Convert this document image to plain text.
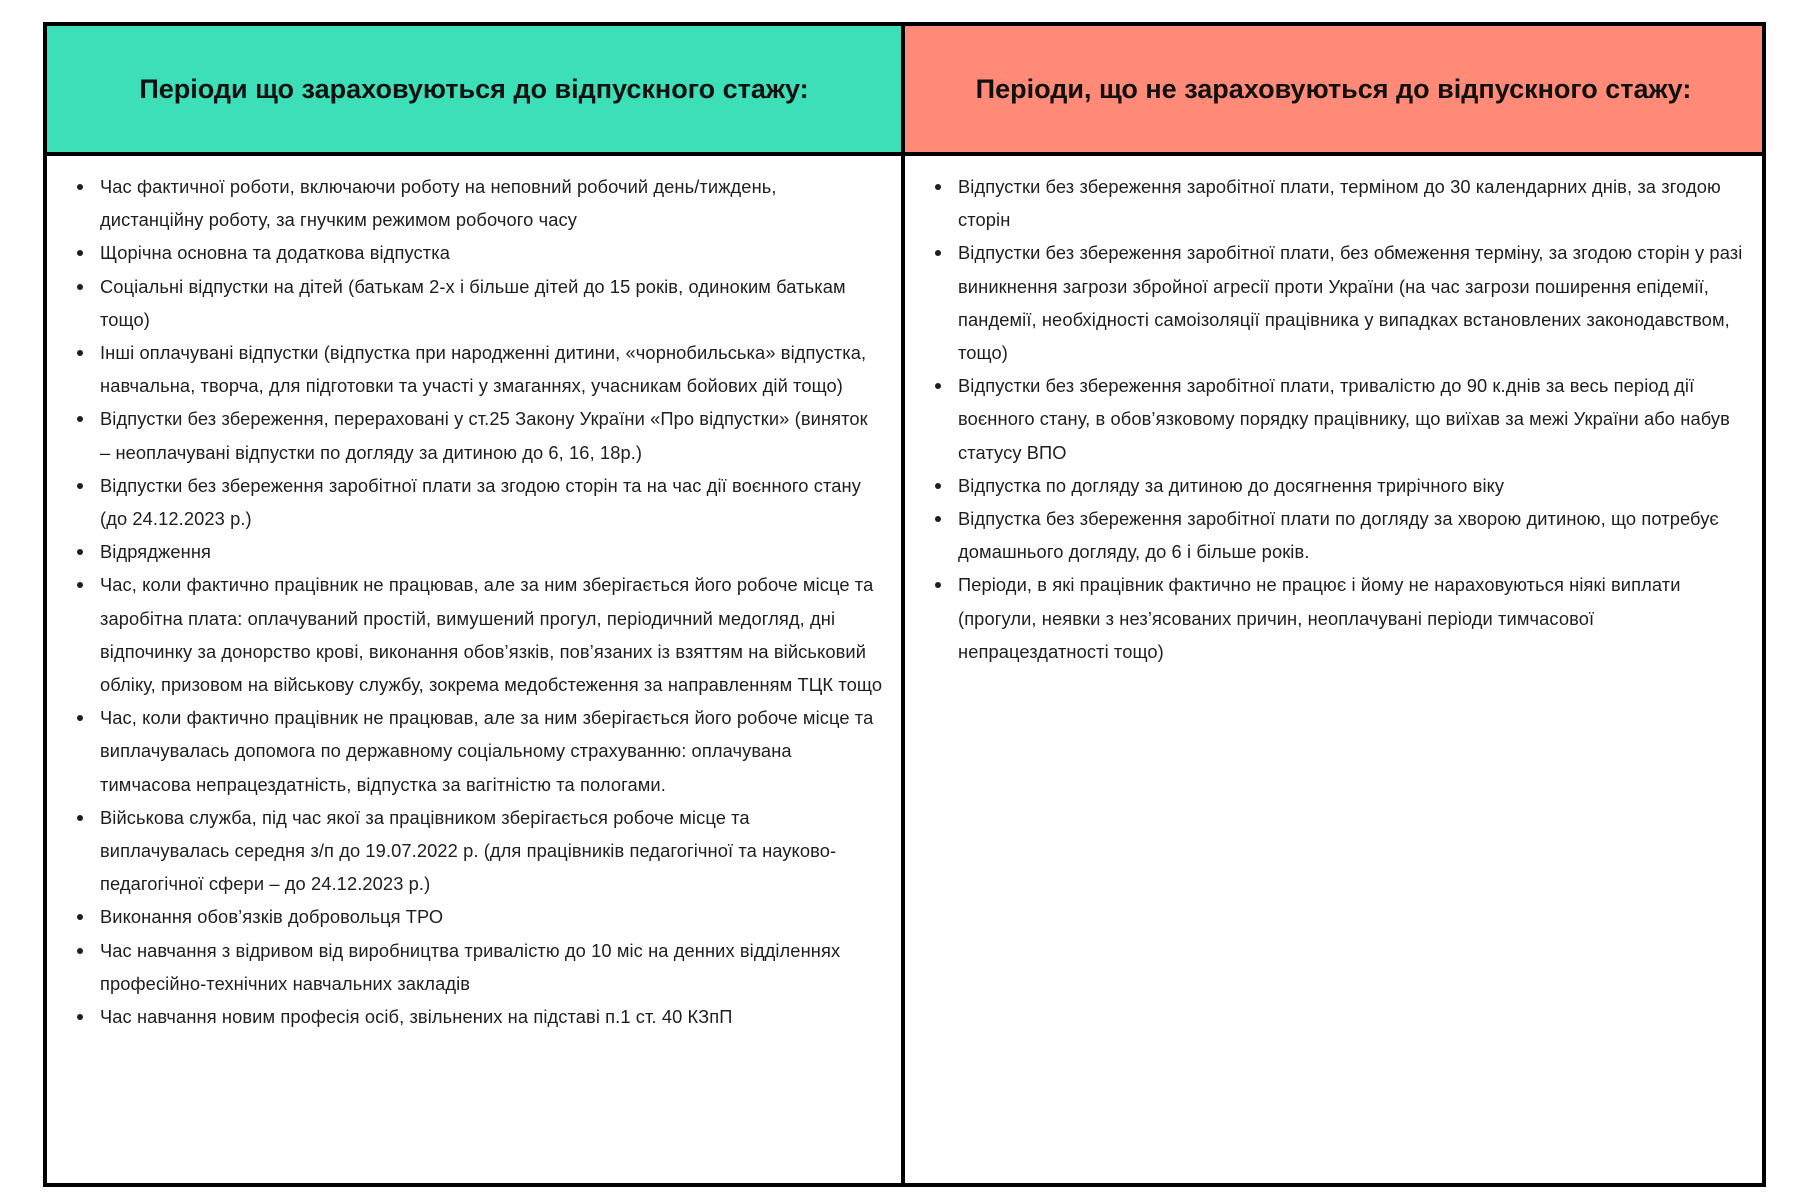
Періоди що зараховуються до відпускного стажу:	Періоди, що не зараховуються до відпускного стажу:
Час фактичної роботи, включаючи роботу на неповний робочий день/тиждень, дистанційну роботу, за гнучким режимом робочого часу
Щорічна основна та додаткова відпустка
Соціальні відпустки на дітей (батькам 2-х і більше дітей до 15 років, одиноким батькам тощо)
Інші оплачувані відпустки (відпустка при народженні дитини, «чорнобильська» відпустка, навчальна, творча, для підготовки та участі у змаганнях, учасникам бойових дій тощо)
Відпустки без збереження, перераховані у ст.25 Закону України «Про відпустки» (виняток – неоплачувані відпустки по догляду за дитиною до 6, 16, 18р.)
Відпустки без збереження заробітної плати за згодою сторін та на час дії воєнного стану (до 24.12.2023 р.)
Відрядження
Час, коли фактично працівник не працював, але за ним зберігається його робоче місце та заробітна плата: оплачуваний простій, вимушений прогул, періодичний медогляд, дні відпочинку за донорство крові, виконання обов’язків, пов’язаних із взяттям на військовий обліку, призовом на військову службу, зокрема медобстеження за направленням ТЦК тощо
Час, коли фактично працівник не працював, але за ним зберігається його робоче місце та виплачувалась допомога по державному соціальному страхуванню: оплачувана тимчасова непрацездатність, відпустка за вагітністю та пологами.
Військова служба, під час якої за працівником зберігається робоче місце та виплачувалась середня з/п до 19.07.2022 р. (для працівників педагогічної та науково-педагогічної сфери – до 24.12.2023 р.)
Виконання обов’язків добровольця ТРО
Час навчання з відривом від виробництва тривалістю до 10 міс на денних відділеннях професійно-технічних навчальних закладів
Час навчання новим професія осіб, звільнених на підставі п.1 ст. 40 КЗпП
Відпустки без збереження заробітної плати, терміном до 30 календарних днів, за згодою сторін
Відпустки без збереження заробітної плати, без обмеження терміну, за згодою сторін у разі виникнення загрози збройної агресії проти України (на час загрози поширення епідемії, пандемії, необхідності самоізоляції працівника у випадках встановлених законодавством, тощо)
Відпустки без збереження заробітної плати, тривалістю до 90 к.днів за весь період дії воєнного стану, в обов’язковому порядку працівнику, що виїхав за межі України або набув статусу ВПО
Відпустка по догляду за дитиною до досягнення трирічного віку
Відпустка без збереження заробітної плати по догляду за хворою дитиною, що потребує домашнього догляду, до 6 і більше років.
Періоди, в які працівник фактично не працює і йому не нараховуються ніякі виплати (прогули, неявки з нез’ясованих причин, неоплачувані періоди тимчасової непрацездатності тощо)
